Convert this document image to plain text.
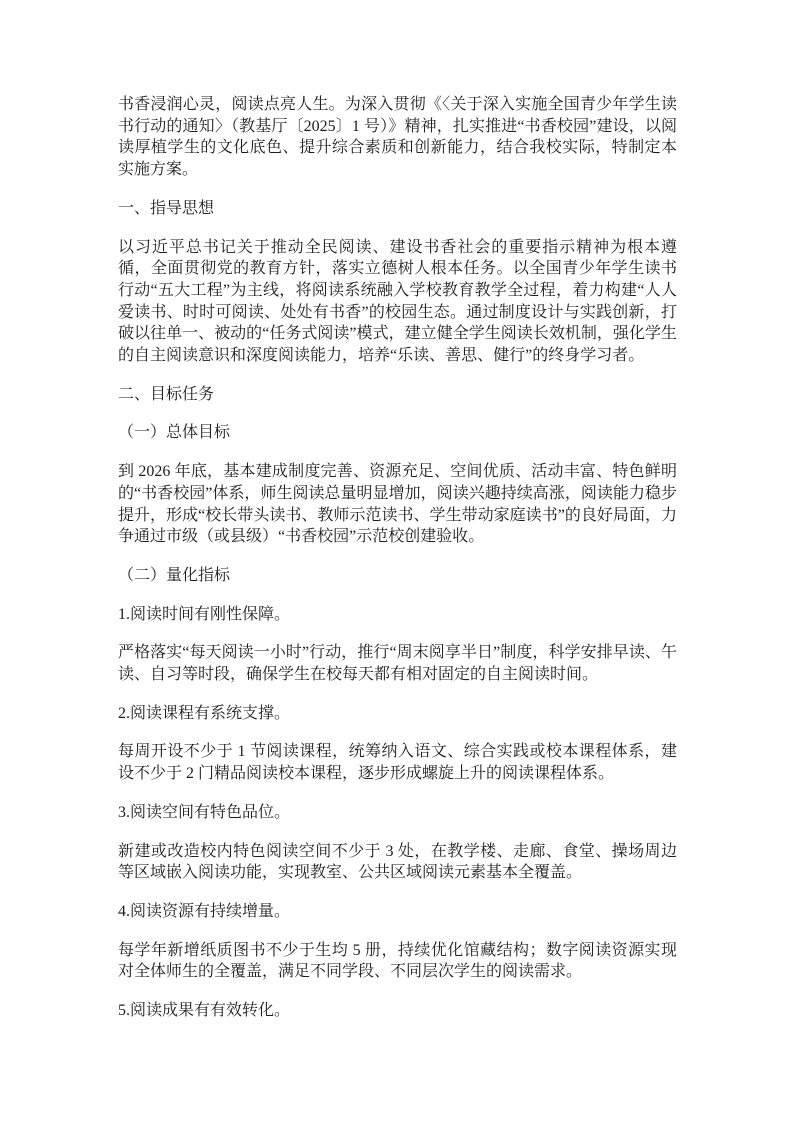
书香浸润心灵，阅读点亮人生。为深入贯彻《〈关于深入实施全国青少年学生读书行动的通知〉（教基厅〔2025〕1 号）》精神，扎实推进“书香校园”建设，以阅读厚植学生的文化底色、提升综合素质和创新能力，结合我校实际，特制定本实施方案。

一、指导思想

以习近平总书记关于推动全民阅读、建设书香社会的重要指示精神为根本遵循，全面贯彻党的教育方针，落实立德树人根本任务。以全国青少年学生读书行动“五大工程”为主线，将阅读系统融入学校教育教学全过程，着力构建“人人爱读书、时时可阅读、处处有书香”的校园生态。通过制度设计与实践创新，打破以往单一、被动的“任务式阅读”模式，建立健全学生阅读长效机制，强化学生的自主阅读意识和深度阅读能力，培养“乐读、善思、健行”的终身学习者。

二、目标任务

（一）总体目标

到 2026 年底，基本建成制度完善、资源充足、空间优质、活动丰富、特色鲜明的“书香校园”体系，师生阅读总量明显增加，阅读兴趣持续高涨，阅读能力稳步提升，形成“校长带头读书、教师示范读书、学生带动家庭读书”的良好局面，力争通过市级（或县级）“书香校园”示范校创建验收。

（二）量化指标

1.阅读时间有刚性保障。

严格落实“每天阅读一小时”行动，推行“周末阅享半日”制度，科学安排早读、午读、自习等时段，确保学生在校每天都有相对固定的自主阅读时间。

2.阅读课程有系统支撑。

每周开设不少于 1 节阅读课程，统筹纳入语文、综合实践或校本课程体系，建设不少于 2 门精品阅读校本课程，逐步形成螺旋上升的阅读课程体系。

3.阅读空间有特色品位。

新建或改造校内特色阅读空间不少于 3 处，在教学楼、走廊、食堂、操场周边等区域嵌入阅读功能，实现教室、公共区域阅读元素基本全覆盖。

4.阅读资源有持续增量。

每学年新增纸质图书不少于生均 5 册，持续优化馆藏结构；数字阅读资源实现对全体师生的全覆盖，满足不同学段、不同层次学生的阅读需求。

5.阅读成果有有效转化。
